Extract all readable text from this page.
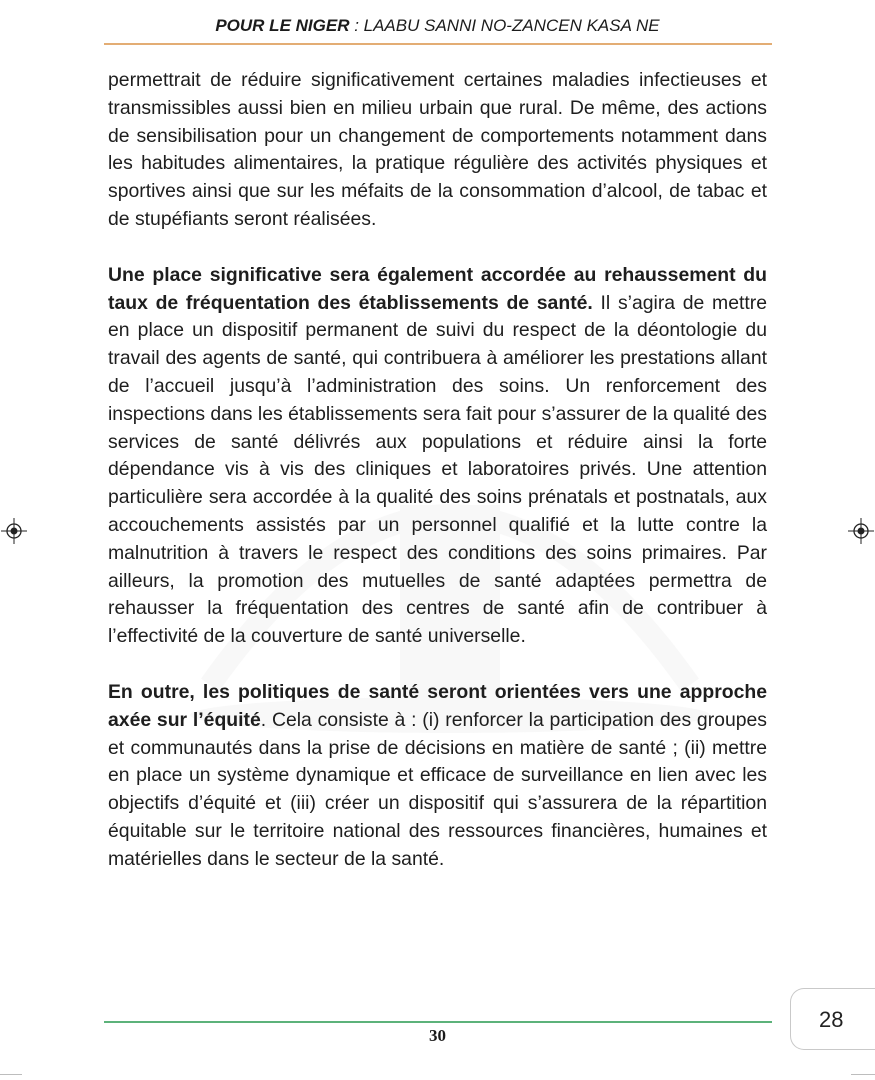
POUR LE NIGER : LAABU SANNI NO-ZANCEN KASA NE

permettrait de réduire significativement certaines maladies infectieuses et transmissibles aussi bien en milieu urbain que rural. De même, des actions de sensibilisation pour un changement de comportements notamment dans les habitudes alimentaires, la pratique régulière des activités physiques et sportives ainsi que sur les méfaits de la consommation d’alcool, de tabac et de stupéfiants seront réalisées.

Une place significative sera également accordée au rehaussement du taux de fréquentation des établissements de santé. Il s’agira de mettre en place un dispositif permanent de suivi du respect de la déontologie du travail des agents de santé, qui contribuera à améliorer les prestations allant de l’accueil jusqu’à l’administration des soins. Un renforcement des inspections dans les établissements sera fait pour s’assurer de la qualité des services de santé délivrés aux populations et réduire ainsi la forte dépendance vis à vis des cliniques et laboratoires privés. Une attention particulière sera accordée à la qualité des soins prénatals et postnatals, aux accouchements assistés par un personnel qualifié et la lutte contre la malnutrition à travers le respect des conditions des soins primaires. Par ailleurs, la promotion des mutuelles de santé adaptées permettra de rehausser la fréquentation des centres de santé afin de contribuer à l’effectivité de la couverture de santé universelle.

En outre, les politiques de santé seront orientées vers une approche axée sur l’équité. Cela consiste à : (i) renforcer la participation des groupes et communautés dans la prise de décisions en matière de santé ; (ii) mettre en place un système dynamique et efficace de surveillance en lien avec les objectifs d’équité et (iii) créer un dispositif qui s’assurera de la répartition équitable sur le territoire national des ressources financières, humaines et matérielles dans le secteur de la santé.

28
30
